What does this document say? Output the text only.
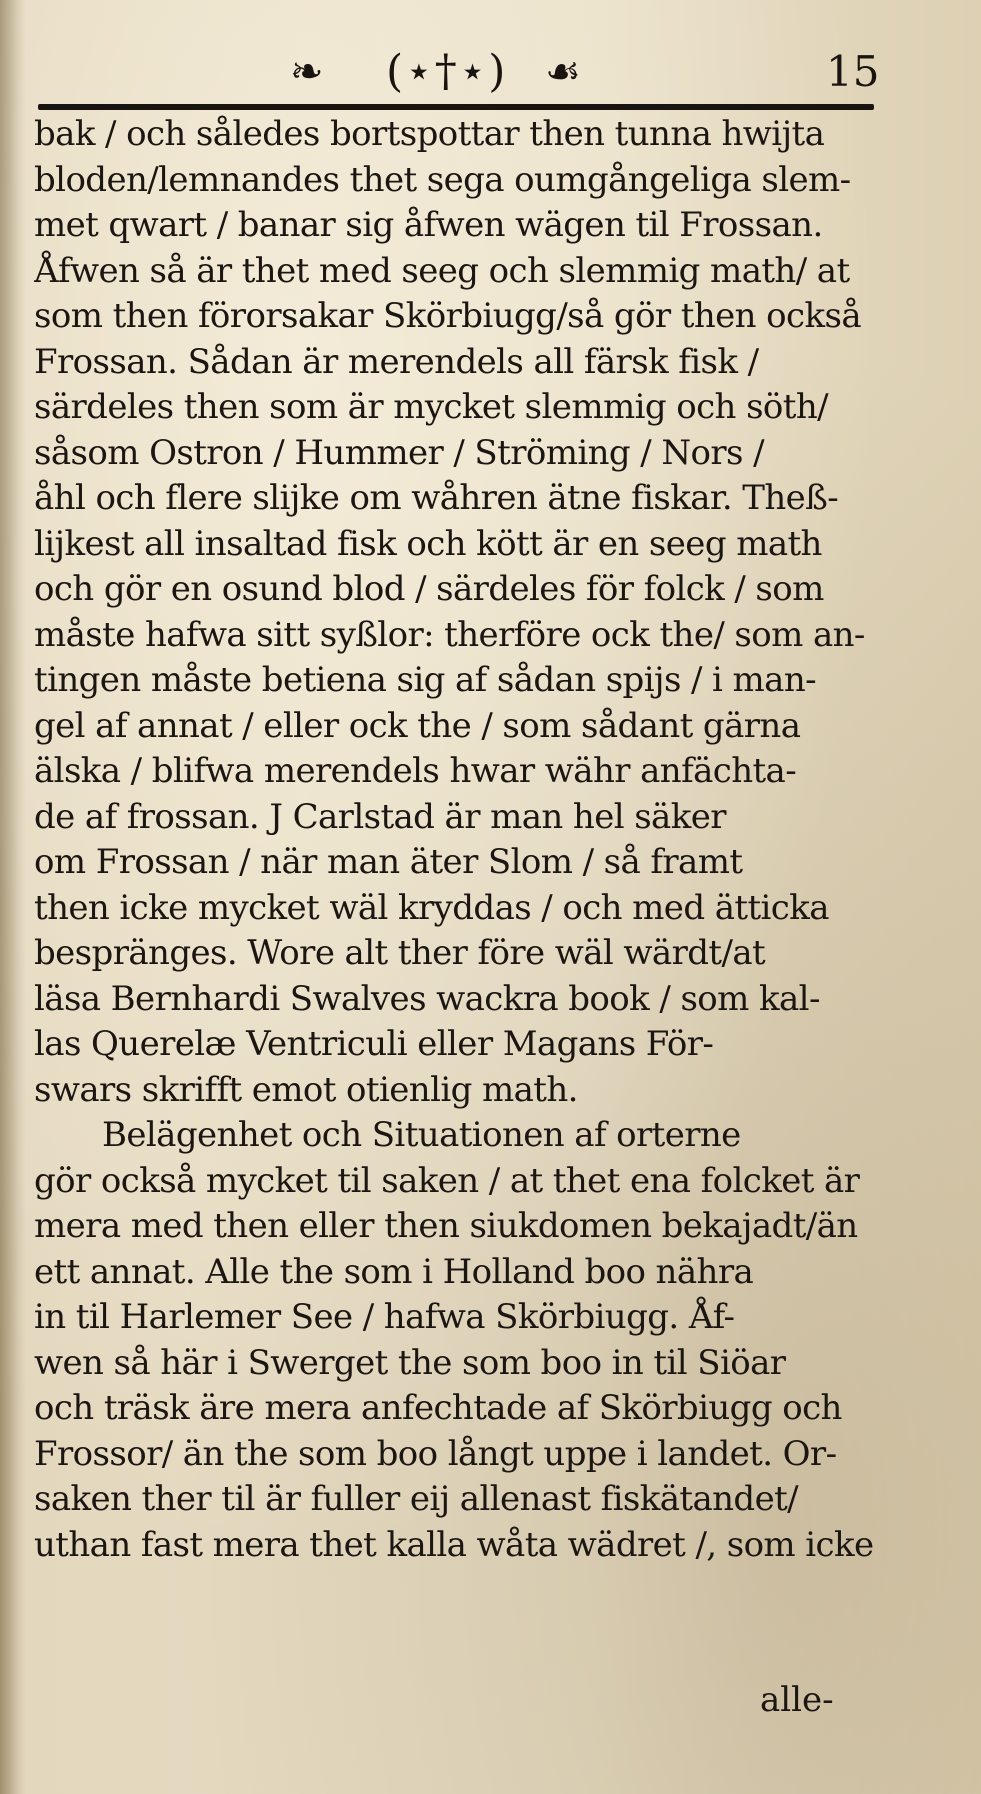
❧ (⋆†⋆) ☙	15
bak / och således bortspottar then tunna hwijta
bloden/lemnandes thet sega oumgångeliga slem-
met qwart / banar sig åfwen wägen til Frossan.
Åfwen så är thet med seeg och slemmig math/ at
som then förorsakar Skörbiugg/så gör then också
Frossan. Sådan är merendels all färsk fisk /
särdeles then som är mycket slemmig och söth/
såsom Ostron / Hummer / Ströming / Nors /
åhl och flere slijke om wåhren ätne fiskar. Theß-
lijkest all insaltad fisk och kött är en seeg math
och gör en osund blod / särdeles för folck / som
måste hafwa sitt syßlor: therföre ock the/ som an-
tingen måste betiena sig af sådan spijs / i man-
gel af annat / eller ock the / som sådant gärna
älska / blifwa merendels hwar währ anfächta-
de af frossan. J Carlstad är man hel säker
om Frossan / när man äter Slom / så framt
then icke mycket wäl kryddas / och med ätticka
bespränges. Wore alt ther före wäl wärdt/at
läsa Bernhardi Swalves wackra book / som kal-
las Querelæ Ventriculi eller Magans För-
swars skrifft emot otienlig math.
Belägenhet och Situationen af orterne
gör också mycket til saken / at thet ena folcket är
mera med then eller then siukdomen bekajadt/än
ett annat. Alle the som i Holland boo nähra
in til Harlemer See / hafwa Skörbiugg. Åf-
wen så här i Swerget the som boo in til Siöar
och träsk äre mera anfechtade af Skörbiugg och
Frossor/ än the som boo långt uppe i landet. Or-
saken ther til är fuller eij allenast fiskätandet/
uthan fast mera thet kalla wåta wädret /, som icke
alle-
